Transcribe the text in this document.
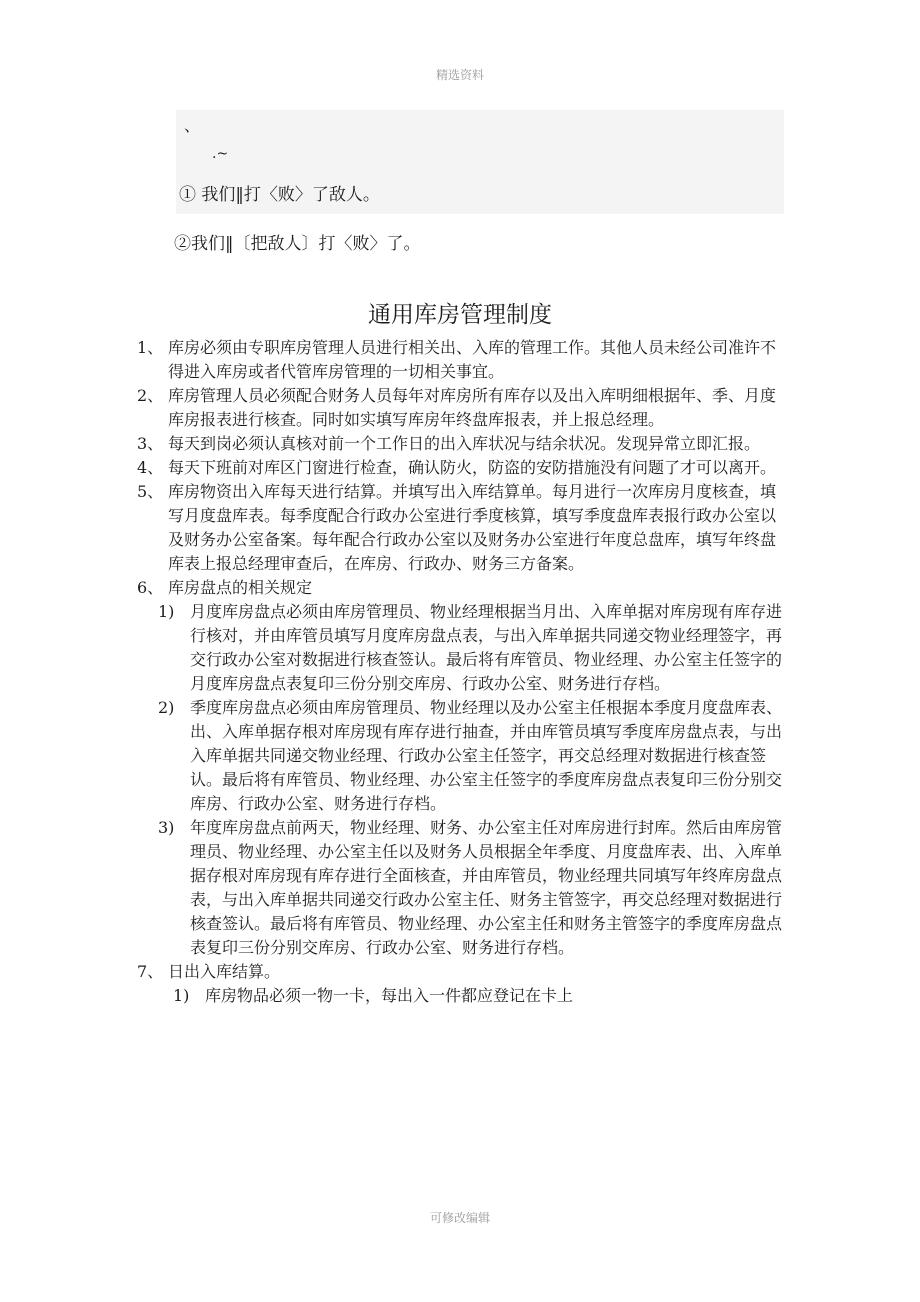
精选资料
、
.~
① 我们‖打〈败〉了敌人。
②我们‖〔把敌人〕打〈败〉了。
通用库房管理制度
1、 库房必须由专职库房管理人员进行相关出、入库的管理工作。其他人员未经公司准许不得进入库房或者代管库房管理的一切相关事宜。
2、 库房管理人员必须配合财务人员每年对库房所有库存以及出入库明细根据年、季、月度库房报表进行核查。同时如实填写库房年终盘库报表，并上报总经理。
3、 每天到岗必须认真核对前一个工作日的出入库状况与结余状况。发现异常立即汇报。
4、 每天下班前对库区门窗进行检查，确认防火，防盗的安防措施没有问题了才可以离开。
5、 库房物资出入库每天进行结算。并填写出入库结算单。每月进行一次库房月度核查，填写月度盘库表。每季度配合行政办公室进行季度核算，填写季度盘库表报行政办公室以及财务办公室备案。每年配合行政办公室以及财务办公室进行年度总盘库，填写年终盘库表上报总经理审查后，在库房、行政办、财务三方备案。
6、 库房盘点的相关规定
1) 月度库房盘点必须由库房管理员、物业经理根据当月出、入库单据对库房现有库存进行核对，并由库管员填写月度库房盘点表，与出入库单据共同递交物业经理签字，再交行政办公室对数据进行核查签认。最后将有库管员、物业经理、办公室主任签字的月度库房盘点表复印三份分别交库房、行政办公室、财务进行存档。
2) 季度库房盘点必须由库房管理员、物业经理以及办公室主任根据本季度月度盘库表、出、入库单据存根对库房现有库存进行抽查，并由库管员填写季度库房盘点表，与出入库单据共同递交物业经理、行政办公室主任签字，再交总经理对数据进行核查签认。最后将有库管员、物业经理、办公室主任签字的季度库房盘点表复印三份分别交库房、行政办公室、财务进行存档。
3) 年度库房盘点前两天，物业经理、财务、办公室主任对库房进行封库。然后由库房管理员、物业经理、办公室主任以及财务人员根据全年季度、月度盘库表、出、入库单据存根对库房现有库存进行全面核查，并由库管员，物业经理共同填写年终库房盘点表，与出入库单据共同递交行政办公室主任、财务主管签字，再交总经理对数据进行核查签认。最后将有库管员、物业经理、办公室主任和财务主管签字的季度库房盘点表复印三份分别交库房、行政办公室、财务进行存档。
7、 日出入库结算。
1) 库房物品必须一物一卡，每出入一件都应登记在卡上
可修改编辑
